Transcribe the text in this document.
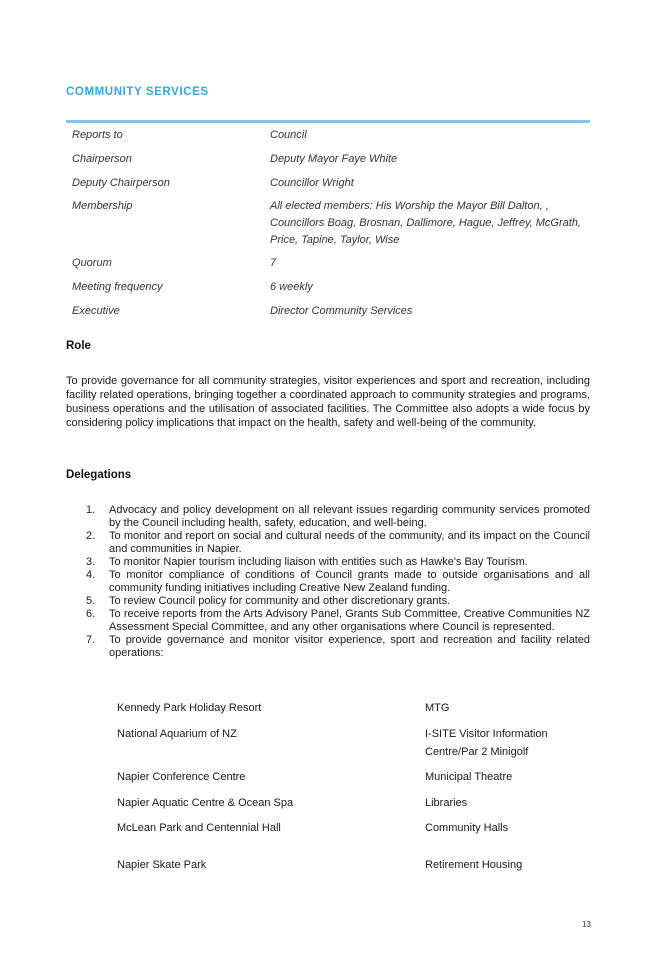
COMMUNITY SERVICES
Reports to	Council
Chairperson	Deputy Mayor Faye White
Deputy Chairperson	Councillor Wright
Membership	All elected members: His Worship the Mayor Bill Dalton, , Councillors Boag, Brosnan, Dallimore, Hague, Jeffrey, McGrath, Price, Tapine, Taylor, Wise
Quorum	7
Meeting frequency	6 weekly
Executive	Director Community Services
Role
To provide governance for all community strategies, visitor experiences and sport and recreation, including facility related operations, bringing together a coordinated approach to community strategies and programs, business operations and the utilisation of associated facilities. The Committee also adopts a wide focus by considering policy implications that impact on the health, safety and well-being of the community.
Delegations
1.	Advocacy and policy development on all relevant issues regarding community services promoted by the Council including health, safety, education, and well-being.
2.	To monitor and report on social and cultural needs of the community, and its impact on the Council and communities in Napier.
3.	To monitor Napier tourism including liaison with entities such as Hawke's Bay Tourism.
4.	To monitor compliance of conditions of Council grants made to outside organisations and all community funding initiatives including Creative New Zealand funding.
5.	To review Council policy for community and other discretionary grants.
6.	To receive reports from the Arts Advisory Panel, Grants Sub Committee, Creative Communities NZ Assessment Special Committee, and any other organisations where Council is represented.
7.	To provide governance and monitor visitor experience, sport and recreation and facility related operations:
Kennedy Park Holiday Resort	MTG
National Aquarium of NZ	I-SITE Visitor Information Centre/Par 2 Minigolf
Napier Conference Centre	Municipal Theatre
Napier Aquatic Centre & Ocean Spa	Libraries
McLean Park and Centennial Hall	Community Halls
Napier Skate Park	Retirement Housing
13
